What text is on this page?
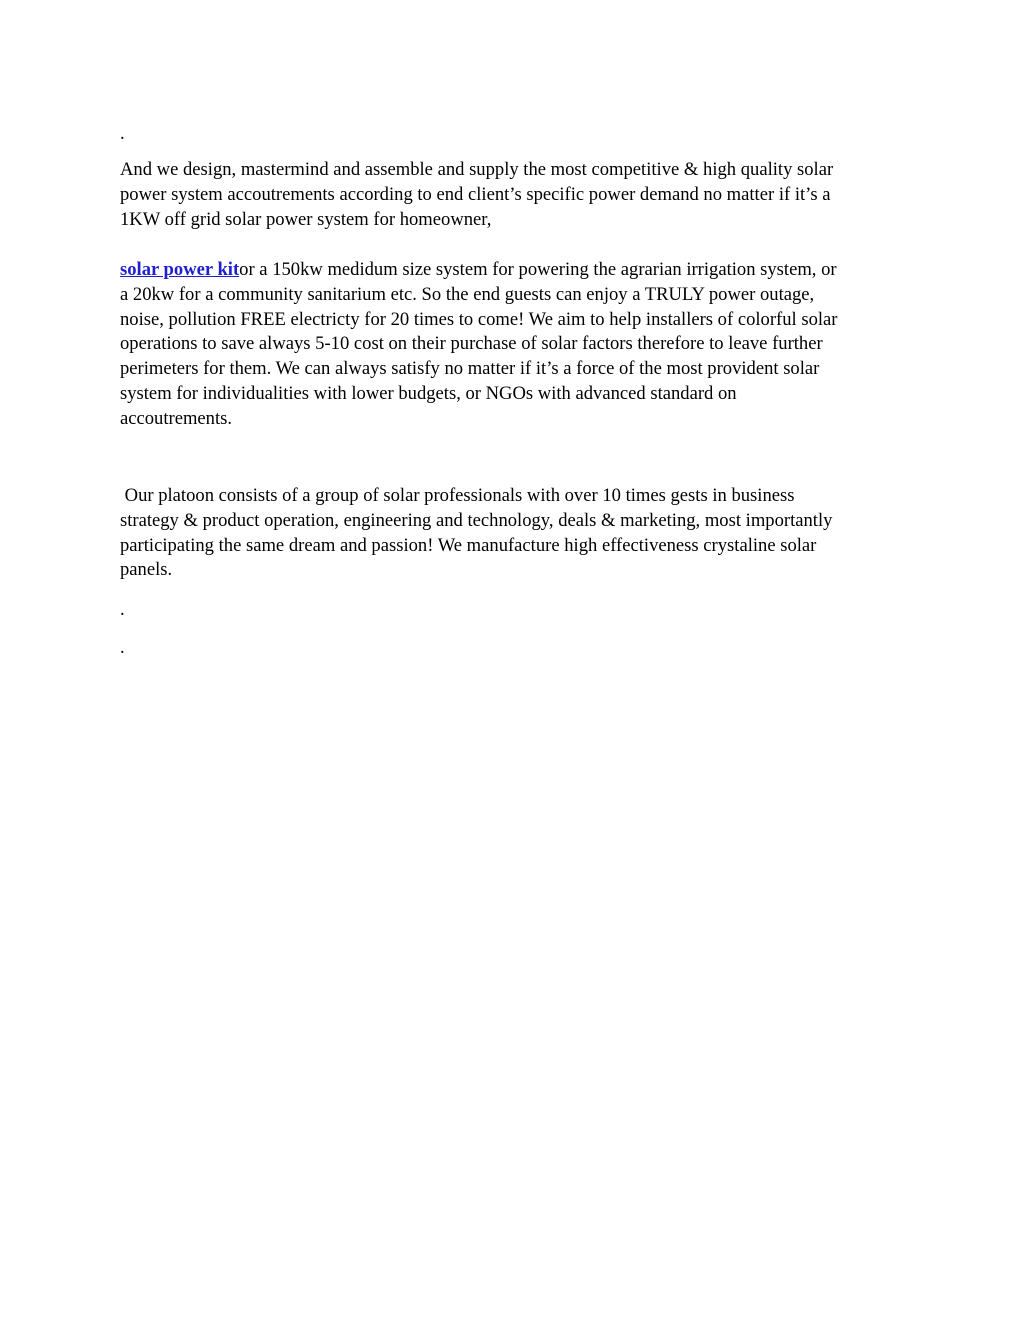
.

And we design, mastermind and assemble and supply the most competitive & high quality solar
power system accoutrements according to end client’s specific power demand no matter if it’s a
1KW off grid solar power system for homeowner,
solar power kitor a 150kw medidum size system for powering the agrarian irrigation system, or
a 20kw for a community sanitarium etc. So the end guests can enjoy a TRULY power outage,
noise, pollution FREE electricty for 20 times to come! We aim to help installers of colorful solar
operations to save always 5-10 cost on their purchase of solar factors therefore to leave further
perimeters for them. We can always satisfy no matter if it’s a force of the most provident solar
system for individualities with lower budgets, or NGOs with advanced standard on
accoutrements.
Our platoon consists of a group of solar professionals with over 10 times gests in business
strategy & product operation, engineering and technology, deals & marketing, most importantly
participating the same dream and passion! We manufacture high effectiveness crystaline solar
panels.

.

.
